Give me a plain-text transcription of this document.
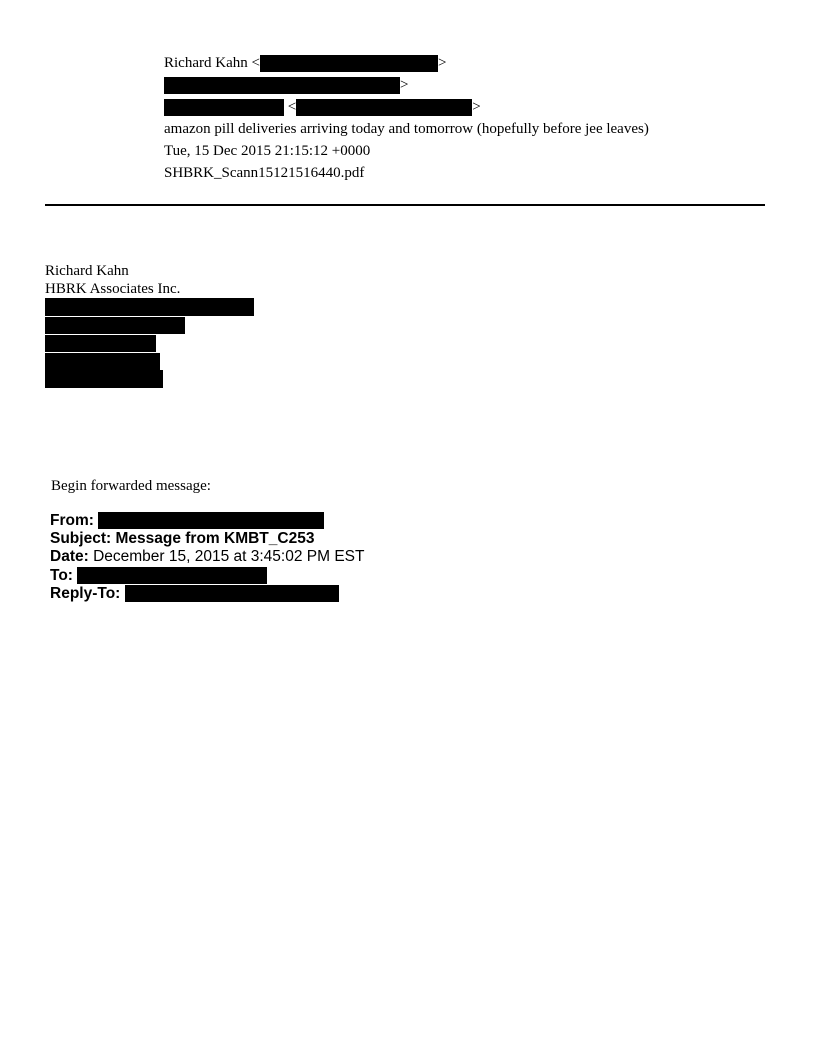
Richard Kahn <	>
>
<	>
amazon pill deliveries arriving today and tomorrow (hopefully before jee leaves)
Tue, 15 Dec 2015 21:15:12 +0000
SHBRK_Scann15121516440.pdf
Richard Kahn
HBRK Associates Inc.
Begin forwarded message:
From:
Subject: Message from KMBT_C253
Date: December 15, 2015 at 3:45:02 PM EST
To:
Reply-To:
